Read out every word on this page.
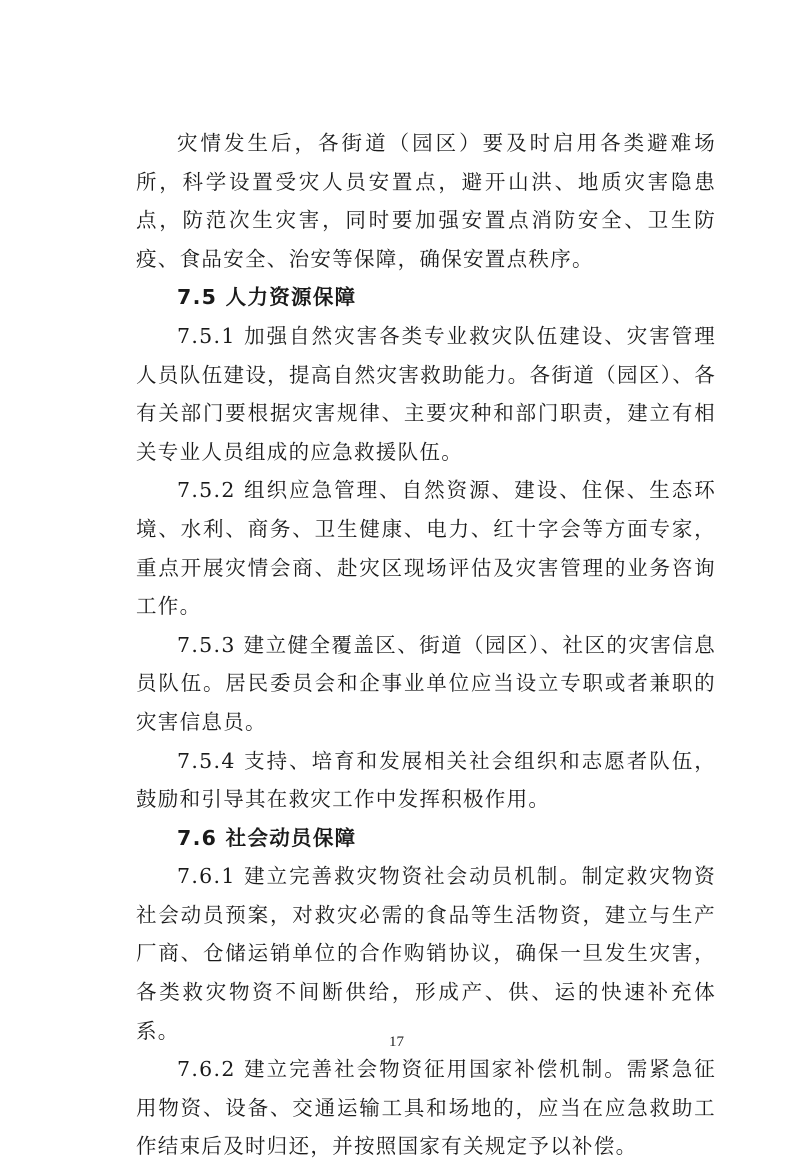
灾情发生后，各街道（园区）要及时启用各类避难场所，科学设置受灾人员安置点，避开山洪、地质灾害隐患点，防范次生灾害，同时要加强安置点消防安全、卫生防疫、食品安全、治安等保障，确保安置点秩序。

7.5 人力资源保障

7.5.1 加强自然灾害各类专业救灾队伍建设、灾害管理人员队伍建设，提高自然灾害救助能力。各街道（园区）、各有关部门要根据灾害规律、主要灾种和部门职责，建立有相关专业人员组成的应急救援队伍。

7.5.2 组织应急管理、自然资源、建设、住保、生态环境、水利、商务、卫生健康、电力、红十字会等方面专家，重点开展灾情会商、赴灾区现场评估及灾害管理的业务咨询工作。

7.5.3 建立健全覆盖区、街道（园区）、社区的灾害信息员队伍。居民委员会和企事业单位应当设立专职或者兼职的灾害信息员。

7.5.4 支持、培育和发展相关社会组织和志愿者队伍，鼓励和引导其在救灾工作中发挥积极作用。

7.6 社会动员保障

7.6.1 建立完善救灾物资社会动员机制。制定救灾物资社会动员预案，对救灾必需的食品等生活物资，建立与生产厂商、仓储运销单位的合作购销协议，确保一旦发生灾害，各类救灾物资不间断供给，形成产、供、运的快速补充体系。

7.6.2 建立完善社会物资征用国家补偿机制。需紧急征用物资、设备、交通运输工具和场地的，应当在应急救助工作结束后及时归还，并按照国家有关规定予以补偿。

17
